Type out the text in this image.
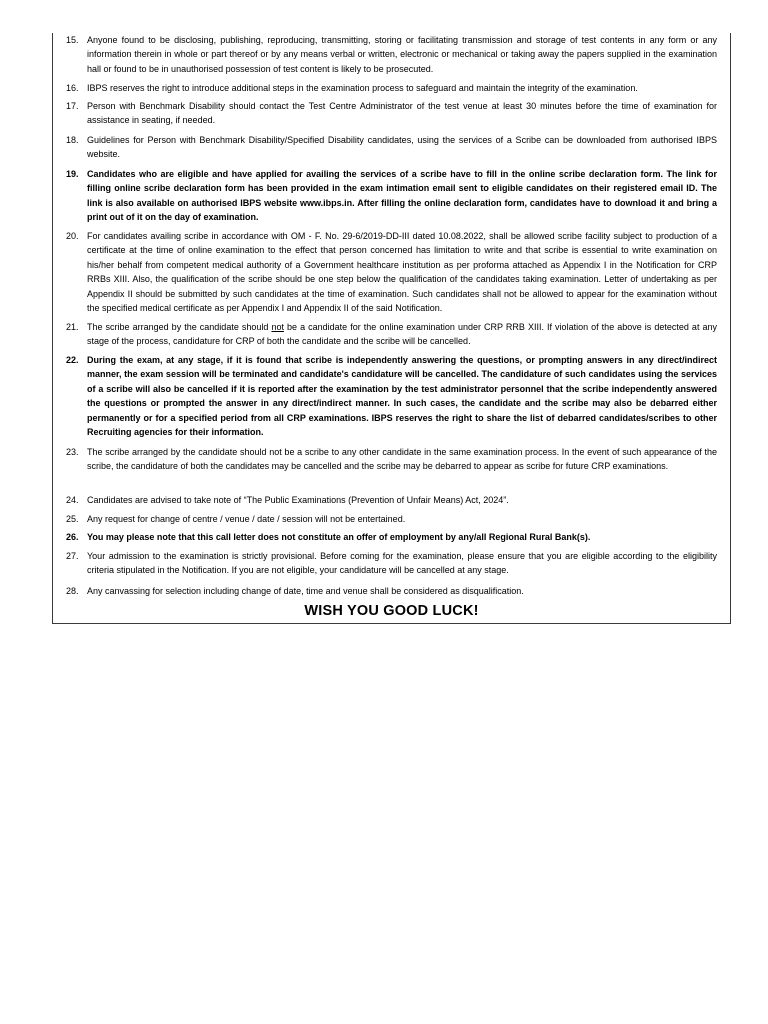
15. Anyone found to be disclosing, publishing, reproducing, transmitting, storing or facilitating transmission and storage of test contents in any form or any information therein in whole or part thereof or by any means verbal or written, electronic or mechanical or taking away the papers supplied in the examination hall or found to be in unauthorised possession of test content is likely to be prosecuted.
16. IBPS reserves the right to introduce additional steps in the examination process to safeguard and maintain the integrity of the examination.
17. Person with Benchmark Disability should contact the Test Centre Administrator of the test venue at least 30 minutes before the time of examination for assistance in seating, if needed.
18. Guidelines for Person with Benchmark Disability/Specified Disability candidates, using the services of a Scribe can be downloaded from authorised IBPS website.
19. Candidates who are eligible and have applied for availing the services of a scribe have to fill in the online scribe declaration form. The link for filling online scribe declaration form has been provided in the exam intimation email sent to eligible candidates on their registered email ID. The link is also available on authorised IBPS website www.ibps.in. After filling the online declaration form, candidates have to download it and bring a print out of it on the day of examination.
20. For candidates availing scribe in accordance with OM - F. No. 29-6/2019-DD-III dated 10.08.2022, shall be allowed scribe facility subject to production of a certificate at the time of online examination to the effect that person concerned has limitation to write and that scribe is essential to write examination on his/her behalf from competent medical authority of a Government healthcare institution as per proforma attached as Appendix I in the Notification for CRP RRBs XIII. Also, the qualification of the scribe should be one step below the qualification of the candidates taking examination. Letter of undertaking as per Appendix II should be submitted by such candidates at the time of examination. Such candidates shall not be allowed to appear for the examination without the specified medical certificate as per Appendix I and Appendix II of the said Notification.
21. The scribe arranged by the candidate should not be a candidate for the online examination under CRP RRB XIII. If violation of the above is detected at any stage of the process, candidature for CRP of both the candidate and the scribe will be cancelled.
22. During the exam, at any stage, if it is found that scribe is independently answering the questions, or prompting answers in any direct/indirect manner, the exam session will be terminated and candidate's candidature will be cancelled. The candidature of such candidates using the services of a scribe will also be cancelled if it is reported after the examination by the test administrator personnel that the scribe independently answered the questions or prompted the answer in any direct/indirect manner. In such cases, the candidate and the scribe may also be debarred either permanently or for a specified period from all CRP examinations. IBPS reserves the right to share the list of debarred candidates/scribes to other Recruiting agencies for their information.
23. The scribe arranged by the candidate should not be a scribe to any other candidate in the same examination process. In the event of such appearance of the scribe, the candidature of both the candidates may be cancelled and the scribe may be debarred to appear as scribe for future CRP examinations.
24. Candidates are advised to take note of “The Public Examinations (Prevention of Unfair Means) Act, 2024”.
25. Any request for change of centre / venue / date / session will not be entertained.
26. You may please note that this call letter does not constitute an offer of employment by any/all Regional Rural Bank(s).
27. Your admission to the examination is strictly provisional. Before coming for the examination, please ensure that you are eligible according to the eligibility criteria stipulated in the Notification. If you are not eligible, your candidature will be cancelled at any stage.
28. Any canvassing for selection including change of date, time and venue shall be considered as disqualification.
WISH YOU GOOD LUCK!
